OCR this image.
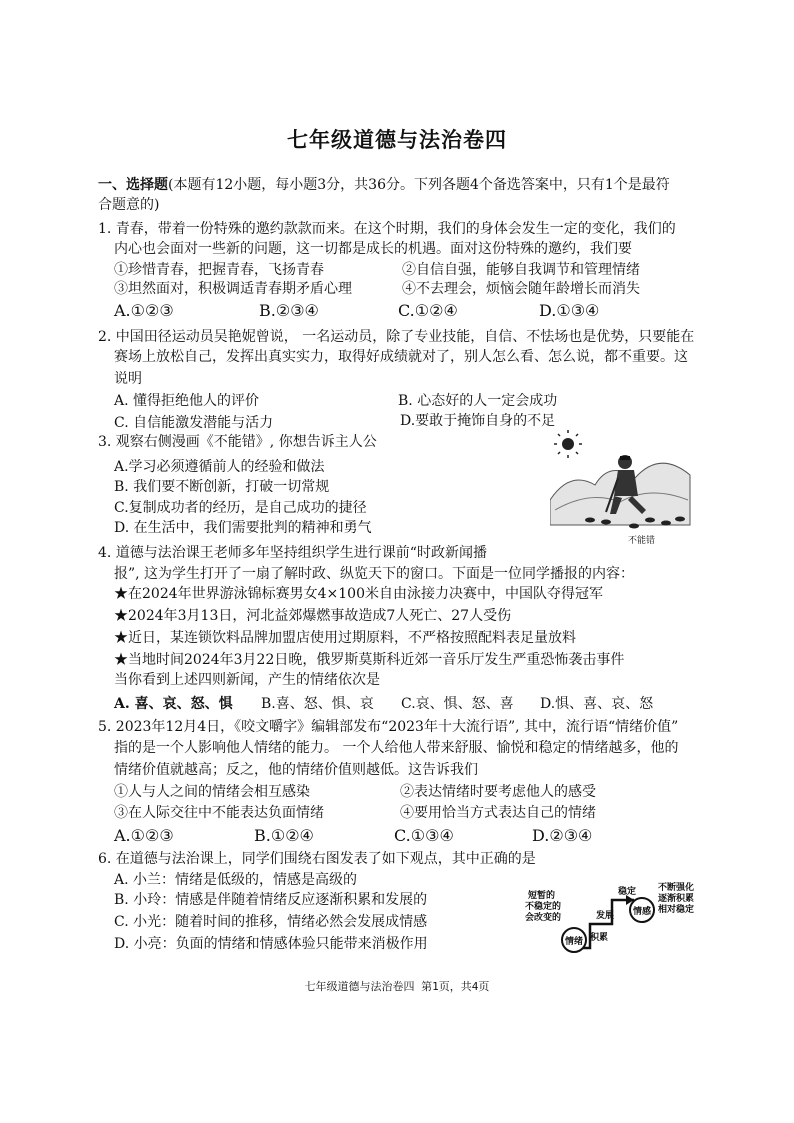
七年级道德与法治卷四
一、选择题(本题有12小题，每小题3分，共36分。下列各题4个备选答案中，只有1个是最符
合题意的)
1. 青春，带着一份特殊的邀约款款而来。在这个时期，我们的身体会发生一定的变化，我们的
内心也会面对一些新的问题，这一切都是成长的机遇。面对这份特殊的邀约，我们要
①珍惜青春，把握青春，飞扬青春	②自信自强，能够自我调节和管理情绪
③坦然面对，积极调适青春期矛盾心理	④不去理会，烦恼会随年龄增长而消失
A.①②③	B.②③④	C.①②④	D.①③④
2. 中国田径运动员吴艳妮曾说， 一名运动员，除了专业技能，自信、不怯场也是优势，只要能在
赛场上放松自己，发挥出真实实力，取得好成绩就对了，别人怎么看、怎么说，都不重要。这
说明
A. 懂得拒绝他人的评价	B. 心态好的人一定会成功
C. 自信能激发潜能与活力	D.要敢于掩饰自身的不足
3. 观察右侧漫画《不能错》, 你想告诉主人公
A.学习必须遵循前人的经验和做法
B. 我们要不断创新，打破一切常规
C.复制成功者的经历，是自己成功的捷径
D. 在生活中，我们需要批判的精神和勇气
不能错
4. 道德与法治课王老师多年坚持组织学生进行课前“时政新闻播
报”, 这为学生打开了一扇了解时政、纵览天下的窗口。下面是一位同学播报的内容：
★在2024年世界游泳锦标赛男女4×100米自由泳接力决赛中，中国队夺得冠军
★2024年3月13日，河北益郊爆燃事故造成7人死亡、27人受伤
★近日，某连锁饮料品牌加盟店使用过期原料，不严格按照配料表足量放料
★当地时间2024年3月22日晚，俄罗斯莫斯科近郊一音乐厅发生严重恐怖袭击事件
当你看到上述四则新闻，产生的情绪依次是
A. 喜、哀、怒、惧 B.喜、怒、惧、哀 C.哀、惧、怒、喜 D.惧、喜、哀、怒
5. 2023年12月4日，《咬文嚼字》编辑部发布“2023年十大流行语”, 其中，流行语“情绪价值”
指的是一个人影响他人情绪的能力。 一个人给他人带来舒服、愉悦和稳定的情绪越多，他的
情绪价值就越高；反之，他的情绪价值则越低。这告诉我们
①人与人之间的情绪会相互感染	②表达情绪时要考虑他人的感受
③在人际交往中不能表达负面情绪	④要用恰当方式表达自己的情绪
A.①②③	B.①②④	C.①③④	D.②③④
6. 在道德与法治课上，同学们围绕右图发表了如下观点，其中正确的是
A. 小兰：情绪是低级的，情感是高级的
B. 小玲：情感是伴随着情绪反应逐渐积累和发展的
C. 小光：随着时间的推移，情绪必然会发展成情感
D. 小亮：负面的情绪和情感体验只能带来消极作用
短暂的
不稳定的
会改变的
积累
发展
稳定
情绪
情感
不断强化
逐渐积累
相对稳定
七年级道德与法治卷四 第1页，共4页
